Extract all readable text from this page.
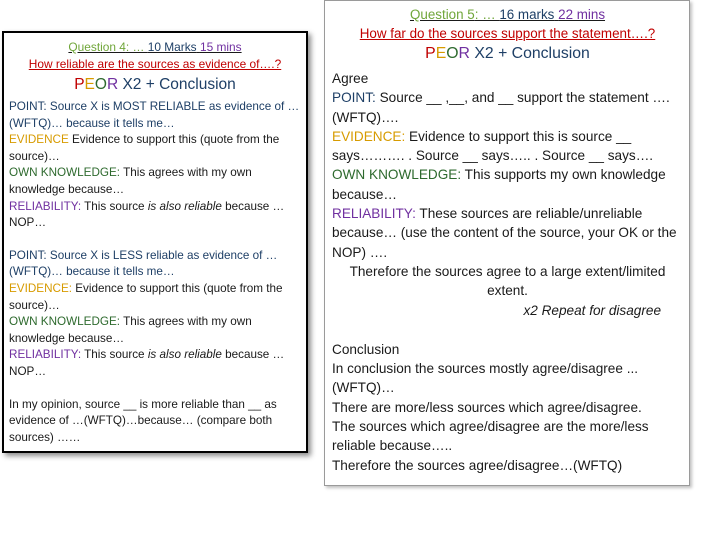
Question 4: … 10 Marks 15 mins
How reliable are the sources as evidence of….?
PEOR X2 + Conclusion
POINT: Source X is MOST RELIABLE as evidence of …(WFTQ)… because it tells me…
EVIDENCE Evidence to support this (quote from the source)…
OWN KNOWLEDGE: This agrees with my own knowledge because…
RELIABILITY: This source is also reliable because …NOP…
POINT: Source X is LESS reliable as evidence of …(WFTQ)… because it tells me…
EVIDENCE: Evidence to support this (quote from the source)…
OWN KNOWLEDGE: This agrees with my own knowledge because…
RELIABILITY: This source is also reliable because …NOP…
In my opinion, source __ is more reliable than __ as evidence of …(WFTQ)…because… (compare both sources) ……
Question 5: … 16 marks 22 mins
How far do the sources support the statement….?
PEOR X2 + Conclusion
Agree
POINT: Source __ ,__, and __ support the statement ….(WFTQ)….
EVIDENCE: Evidence to support this is source __ says………. . Source __ says….. . Source __ says….
OWN KNOWLEDGE: This supports my own knowledge because…
RELIABILITY: These sources are reliable/unreliable because… (use the content of the source, your OK or the NOP) ….
Therefore the sources agree to a large extent/limited extent.
x2 Repeat for disagree
Conclusion
In conclusion the sources mostly agree/disagree ...(WFTQ)…
There are more/less sources which agree/disagree.
The sources which agree/disagree are the more/less reliable because…..
Therefore the sources agree/disagree…(WFTQ)
